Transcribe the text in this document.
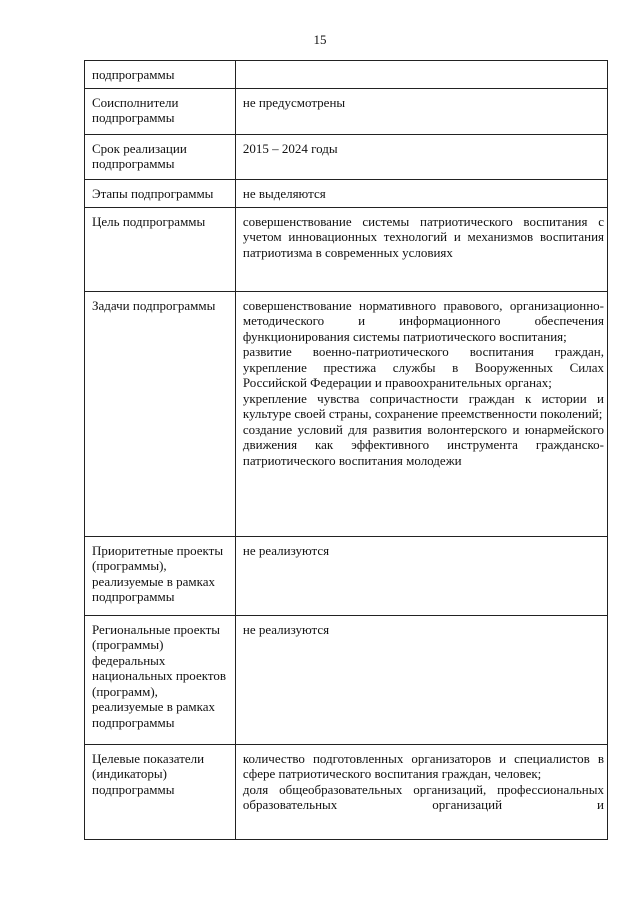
15
подпрограммы	
Соисполнители подпрограммы	не предусмотрены
Срок реализации подпрограммы	2015 – 2024 годы
Этапы подпрограммы	не выделяются
Цель подпрограммы	совершенствование системы патриотического воспитания с учетом инновационных технологий и механизмов воспитания патриотизма в современных условиях

Задачи подпрограммы	совершенствование нормативного правового, организационно-методического и информационного обеспечения функционирования системы патриотического воспитания;
развитие военно-патриотического воспитания граждан, укрепление престижа службы в Вооруженных Силах Российской Федерации и правоохранительных органах;
укрепление чувства сопричастности граждан к истории и культуре своей страны, сохранение преемственности поколений;
создание условий для развития волонтерского и юнармейского движения как эффективного инструмента гражданско-патриотического воспитания молодежи

Приоритетные проекты (программы), реализуемые в рамках подпрограммы	не реализуются
Региональные проекты (программы) федеральных национальных проектов (программ), реализуемые в рамках подпрограммы	не реализуются
Целевые показатели (индикаторы) подпрограммы	количество подготовленных организаторов и специалистов в сфере патриотического воспитания граждан, человек;
доля общеобразовательных организаций, профессиональных образовательных организаций и
